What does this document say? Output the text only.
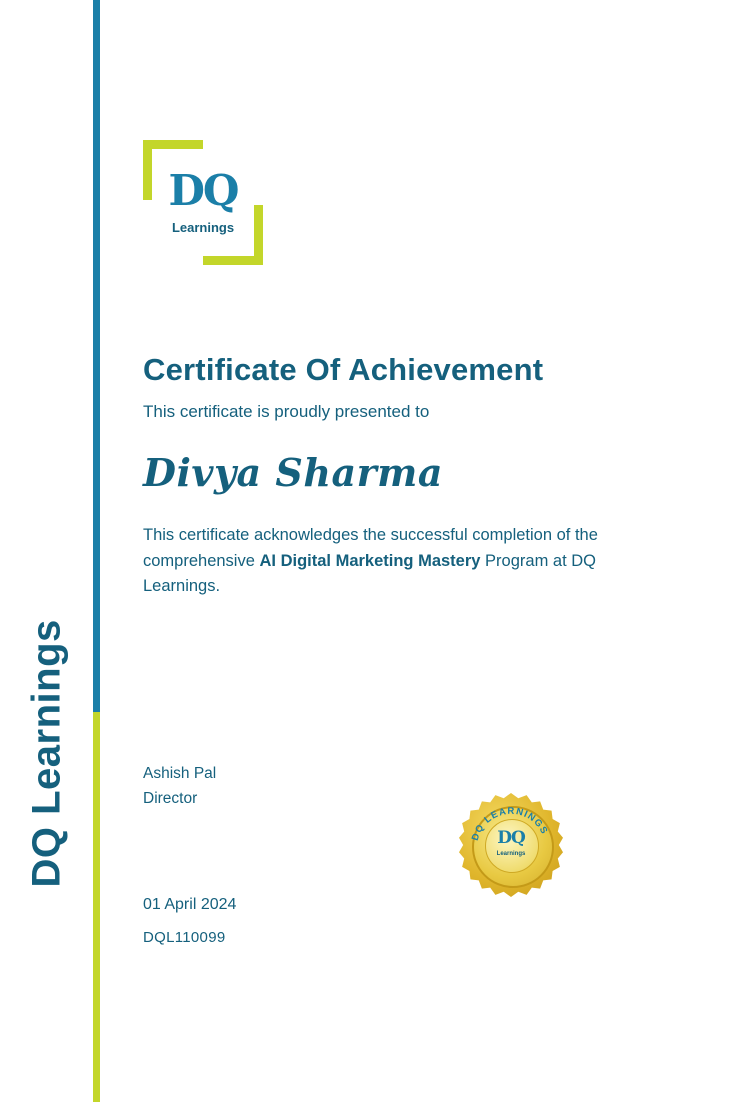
DQ Learnings
DQ
Learnings
Certificate Of Achievement

This certificate is proudly presented to

Divya Sharma

This certificate acknowledges the successful completion of the comprehensive AI Digital Marketing Mastery Program at DQ Learnings.

Ashish Pal
Director
01 April 2024
DQL110099
DQ LEARNINGS
DQ
Learnings
